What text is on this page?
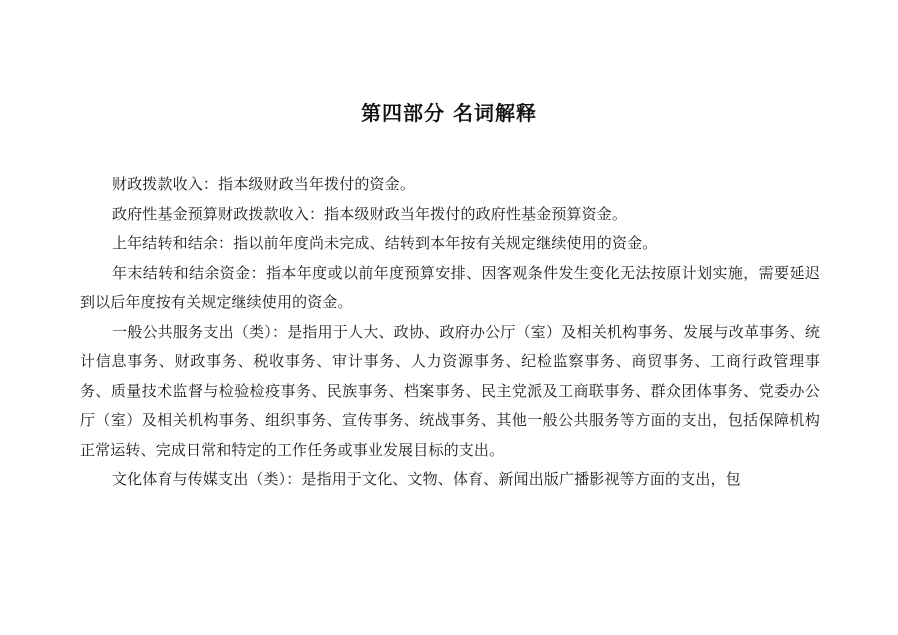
第四部分 名词解释

财政拨款收入：指本级财政当年拨付的资金。

政府性基金预算财政拨款收入：指本级财政当年拨付的政府性基金预算资金。

上年结转和结余：指以前年度尚未完成、结转到本年按有关规定继续使用的资金。

年末结转和结余资金：指本年度或以前年度预算安排、因客观条件发生变化无法按原计划实施，需要延迟到以后年度按有关规定继续使用的资金。

一般公共服务支出（类）：是指用于人大、政协、政府办公厅（室）及相关机构事务、发展与改革事务、统计信息事务、财政事务、税收事务、审计事务、人力资源事务、纪检监察事务、商贸事务、工商行政管理事务、质量技术监督与检验检疫事务、民族事务、档案事务、民主党派及工商联事务、群众团体事务、党委办公厅（室）及相关机构事务、组织事务、宣传事务、统战事务、其他一般公共服务等方面的支出，包括保障机构正常运转、完成日常和特定的工作任务或事业发展目标的支出。

文化体育与传媒支出（类）：是指用于文化、文物、体育、新闻出版广播影视等方面的支出，包
